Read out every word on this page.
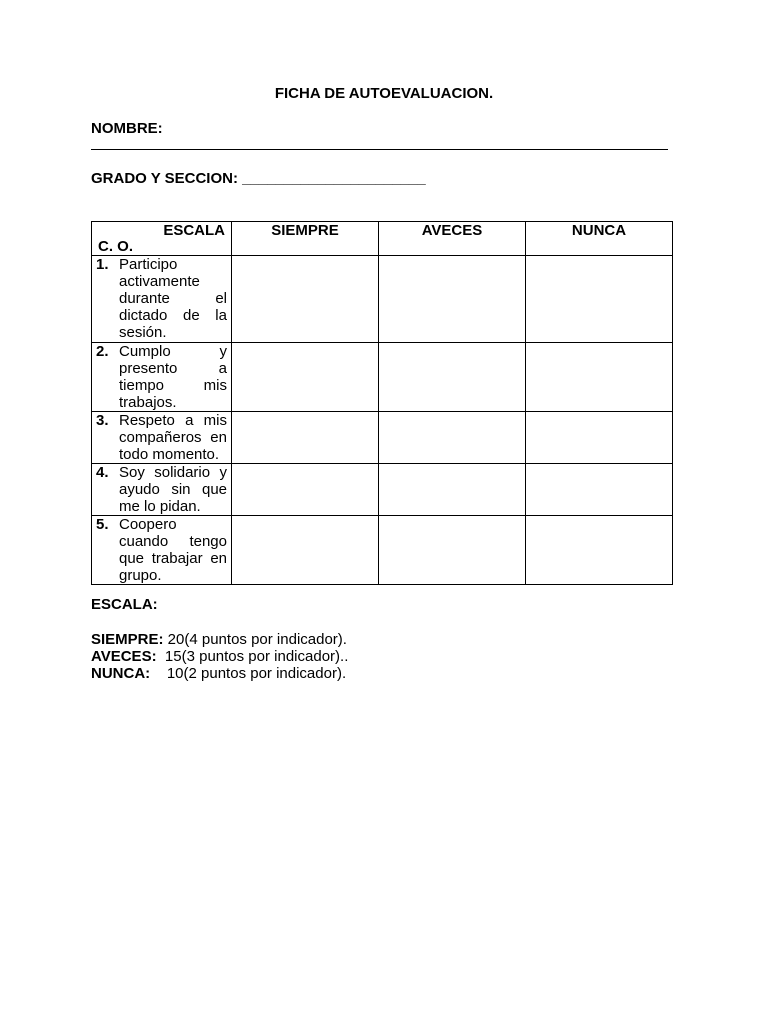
FICHA DE AUTOEVALUACION.
NOMBRE:
GRADO Y SECCION: ______________________
ESCALA
C. O.	SIEMPRE	AVECES	NUNCA

1. Participo activamente durante el dictado de la sesión.			

2. Cumplo y presento a tiempo mis trabajos.			

3. Respeto a mis compañeros en todo momento.			

4. Soy solidario y ayudo sin que me lo pidan.			

5. Coopero cuando tengo que trabajar en grupo.			

ESCALA:
SIEMPRE: 20(4 puntos por indicador).
AVECES:  15(3 puntos por indicador)..
NUNCA:    10(2 puntos por indicador).
